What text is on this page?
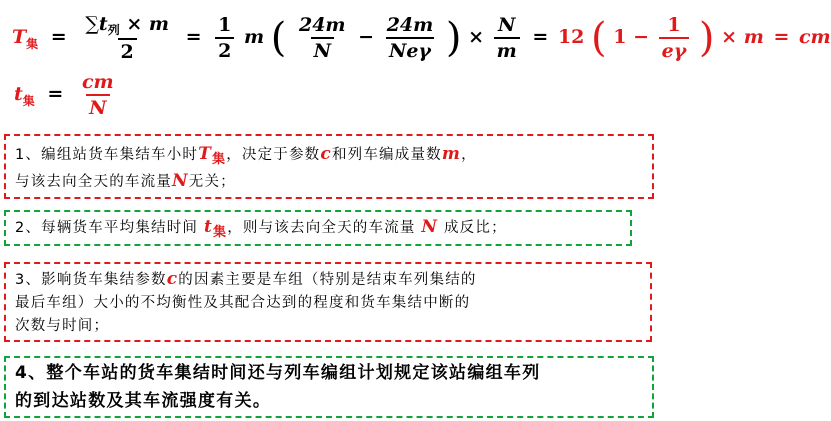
$T_集 = \frac{\sum t_列 \times m}{2} = \frac{1}{2}$ m ( $\frac{24m}{N} - \frac{24m}{\text{Neγ}}$ ) × $\frac{N}{m} = 12$ ( $1 - \frac{1}{e\gamma}$ ) × m = cm
$t_集 = \frac{cm}{N}$
1、编组站货车集结车小时T集，决定于参数c和列车编成量数m，
与该去向全天的车流量N无关；
2、每辆货车平均集结时间 t集，则与该去向全天的车流量 N 成反比；
3、影响货车集结参数c的因素主要是车组（特别是结束车列集结的
最后车组）大小的不均衡性及其配合达到的程度和货车集结中断的
次数与时间；
4、整个车站的货车集结时间还与列车编组计划规定该站编组车列
的到达站数及其车流强度有关。
